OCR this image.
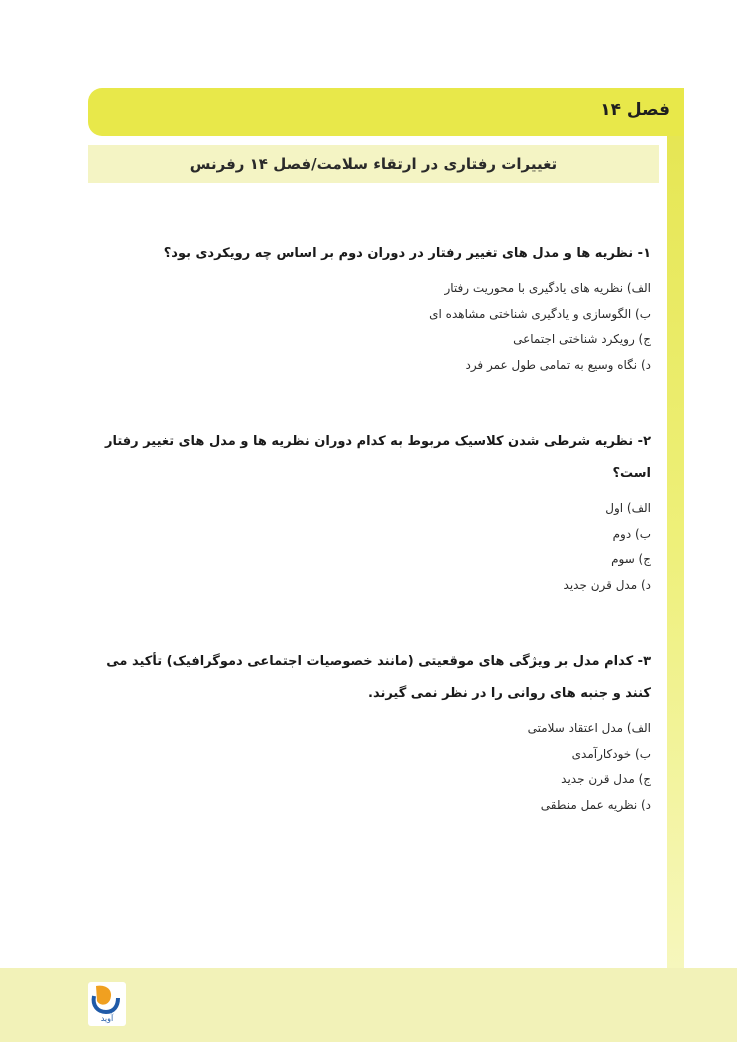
فصل ۱۴
تغییرات رفتاری در ارتقاء سلامت/فصل ۱۴ رفرنس

۱- نظریه ها و مدل های تغییر رفتار در دوران دوم بر اساس چه رویکردی بود؟

الف) نظریه های یادگیری با محوریت رفتار
ب) الگوسازی و یادگیری شناختی مشاهده ای
ج) رویکرد شناختی اجتماعی
د) نگاه وسیع به تمامی طول عمر فرد

۲- نظریه شرطی شدن کلاسیک مربوط به کدام دوران نظریه ها و مدل های تغییر رفتار است؟

الف) اول
ب) دوم
ج) سوم
د) مدل قرن جدید

۳- کدام مدل بر ویژگی های موقعیتی (مانند خصوصیات اجتماعی دموگرافیک) تأکید می کنند و جنبه های روانی را در نظر نمی گیرند.

الف) مدل اعتقاد سلامتی
ب) خودکارآمدی
ج) مدل قرن جدید
د) نظریه عمل منطقی
آوید
